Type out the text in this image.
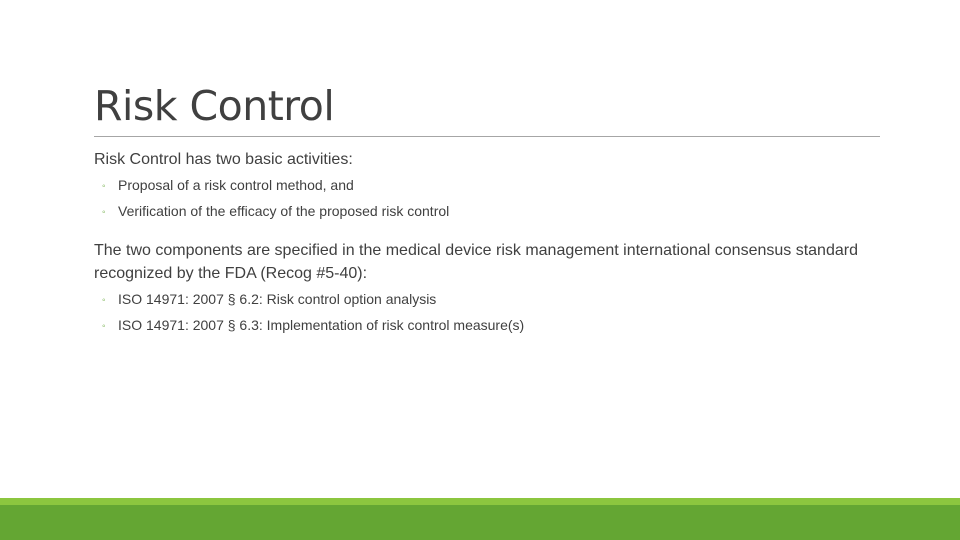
Risk Control

Risk Control has two basic activities:

◦ Proposal of a risk control method, and
◦ Verification of the efficacy of the proposed risk control

The two components are specified in the medical device risk management international consensus standard recognized by the FDA (Recog #5-40):

◦ ISO 14971: 2007 § 6.2: Risk control option analysis
◦ ISO 14971: 2007 § 6.3: Implementation of risk control measure(s)
